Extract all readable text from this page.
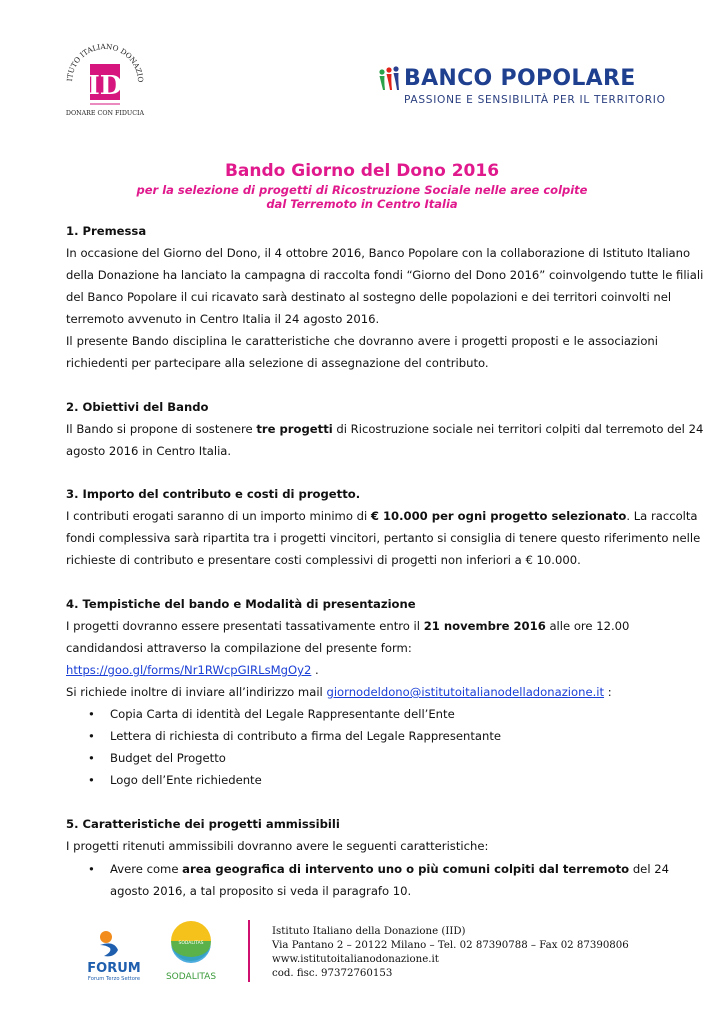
ITUTO ITALIANO DONAZIO
ID
DONARE CON FIDUCIA
BANCO POPOLARE
PASSIONE E SENSIBILITÀ PER IL TERRITORIO
Bando Giorno del Dono 2016
per la selezione di progetti di Ricostruzione Sociale nelle aree colpite
dal Terremoto in Centro Italia
1. Premessa
In occasione del Giorno del Dono, il 4 ottobre 2016, Banco Popolare con la collaborazione di Istituto Italiano
della Donazione ha lanciato la campagna di raccolta fondi “Giorno del Dono 2016” coinvolgendo tutte le filiali
del Banco Popolare il cui ricavato sarà destinato al sostegno delle popolazioni e dei territori coinvolti nel
terremoto avvenuto in Centro Italia il 24 agosto 2016.
Il presente Bando disciplina le caratteristiche che dovranno avere i progetti proposti e le associazioni
richiedenti per partecipare alla selezione di assegnazione del contributo.
2. Obiettivi del Bando
Il Bando si propone di sostenere tre progetti di Ricostruzione sociale nei territori colpiti dal terremoto del 24
agosto 2016 in Centro Italia.
3. Importo del contributo e costi di progetto.
I contributi erogati saranno di un importo minimo di € 10.000 per ogni progetto selezionato. La raccolta
fondi complessiva sarà ripartita tra i progetti vincitori, pertanto si consiglia di tenere questo riferimento nelle
richieste di contributo e presentare costi complessivi di progetti non inferiori a € 10.000.
4. Tempistiche del bando e Modalità di presentazione
I progetti dovranno essere presentati tassativamente entro il 21 novembre 2016 alle ore 12.00
candidandosi attraverso la compilazione del presente form:
https://goo.gl/forms/Nr1RWcpGIRLsMgOy2 .
Si richiede inoltre di inviare all’indirizzo mail giornodeldono@istitutoitalianodelladonazione.it :
• Copia Carta di identità del Legale Rappresentante dell’Ente
• Lettera di richiesta di contributo a firma del Legale Rappresentante
• Budget del Progetto
• Logo dell’Ente richiedente
5. Caratteristiche dei progetti ammissibili
I progetti ritenuti ammissibili dovranno avere le seguenti caratteristiche:
• Avere come area geografica di intervento uno o più comuni colpiti dal terremoto del 24
agosto 2016, a tal proposito si veda il paragrafo 10.
FORUM
Forum Terzo Settore
SODALITAS
SODALITAS
Istituto Italiano della Donazione (IID)
Via Pantano 2 – 20122 Milano – Tel. 02 87390788 – Fax 02 87390806
www.istitutoitalianodonazione.it
cod. fisc. 97372760153
